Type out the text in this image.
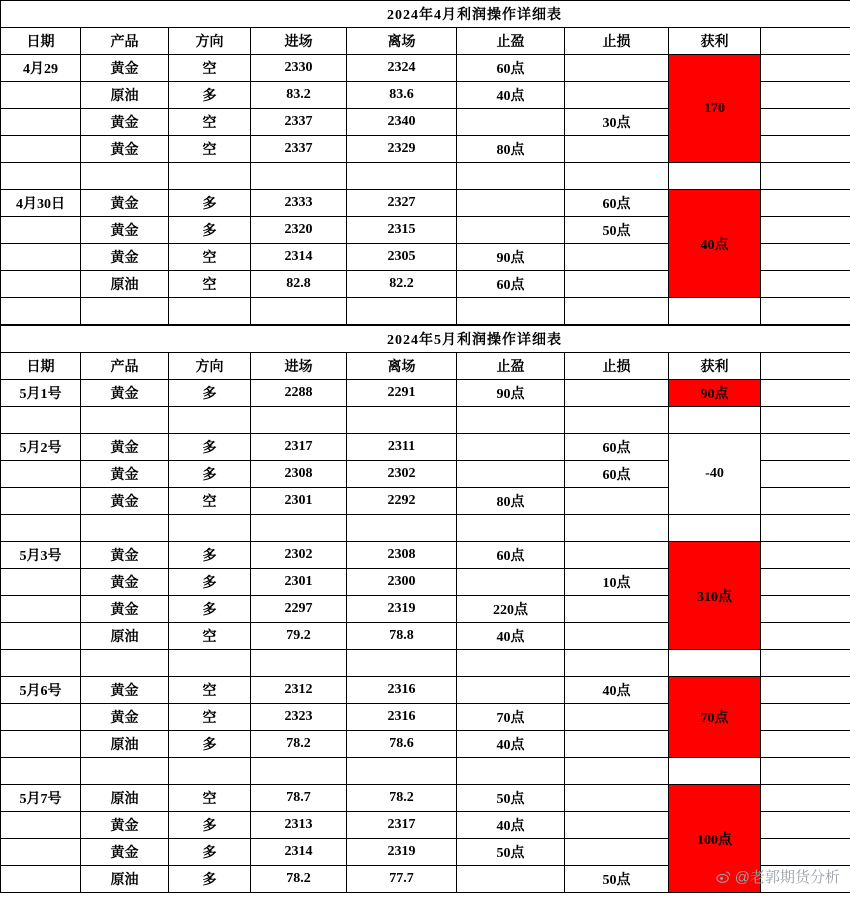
2024年4月利润操作详细表									
日期	产品	方向	进场	离场	止盈	止损	获利		
4月29	黄金	空	2330	2324	60点		170		
	原油	多	83.2	83.6	40点				
	黄金	空	2337	2340		30点			
	黄金	空	2337	2329	80点				

4月30日	黄金	多	2333	2327		60点	40点		
	黄金	多	2320	2315		50点			
	黄金	空	2314	2305	90点				
	原油	空	82.8	82.2	60点				

2024年5月利润操作详细表									
日期	产品	方向	进场	离场	止盈	止损	获利		
5月1号	黄金	多	2288	2291	90点		90点		

5月2号	黄金	多	2317	2311		60点	-40		
	黄金	多	2308	2302		60点			
	黄金	空	2301	2292	80点				

5月3号	黄金	多	2302	2308	60点		310点		
	黄金	多	2301	2300		10点			
	黄金	多	2297	2319	220点				
	原油	空	79.2	78.8	40点				

5月6号	黄金	空	2312	2316		40点	70点		
	黄金	空	2323	2316	70点				
	原油	多	78.2	78.6	40点				

5月7号	原油	空	78.7	78.2	50点		100点		
	黄金	多	2313	2317	40点				
	黄金	多	2314	2319	50点				
	原油	多	78.2	77.7		50点				@老郭期货分析
